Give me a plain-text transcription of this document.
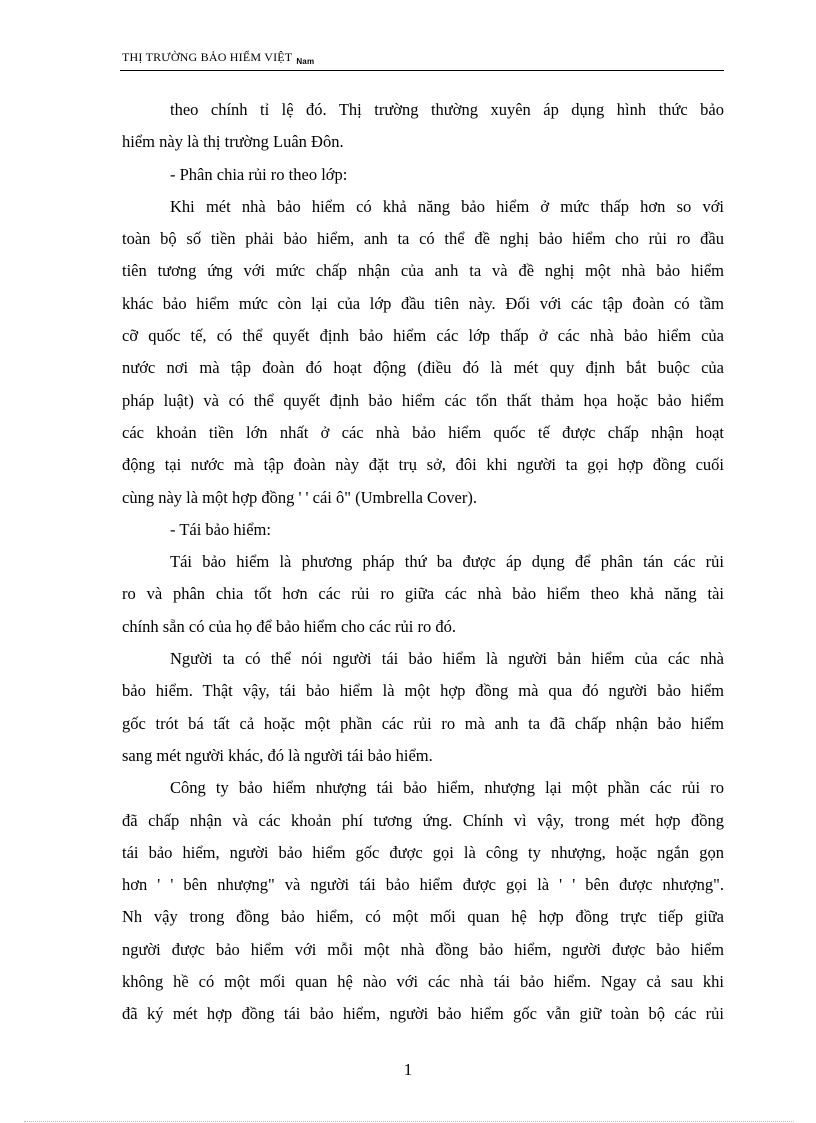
THỊ TRƯỜNG BẢO HIỂM VIỆT $_{Nam}$
theo chính tỉ lệ đó. Thị trường thường xuyên áp dụng hình thức bảo
hiểm này là thị trường Luân Đôn.
- Phân chia rủi ro theo lớp:
Khi mét nhà bảo hiểm có khả năng bảo hiểm ở mức thấp hơn so với
toàn bộ số tiền phải bảo hiểm, anh ta có thể đề nghị bảo hiểm cho rủi ro đầu
tiên tương ứng với mức chấp nhận của anh ta và đề nghị một nhà bảo hiểm
khác bảo hiểm mức còn lại của lớp đầu tiên này. Đối với các tập đoàn có tầm
cỡ quốc tế, có thể quyết định bảo hiểm các lớp thấp ở các nhà bảo hiểm của
nước nơi mà tập đoàn đó hoạt động (điều đó là mét quy định bắt buộc của
pháp luật) và có thể quyết định bảo hiểm các tổn thất thảm họa hoặc bảo hiểm
các khoản tiền lớn nhất ở các nhà bảo hiểm quốc tế được chấp nhận hoạt
động tại nước mà tập đoàn này đặt trụ sở, đôi khi người ta gọi hợp đồng cuối
cùng này là một hợp đồng ' ' cái ô" (Umbrella Cover).
- Tái bảo hiểm:
Tái bảo hiểm là phương pháp thứ ba được áp dụng để phân tán các rủi
ro và phân chia tốt hơn các rủi ro giữa các nhà bảo hiểm theo khả năng tài
chính sẵn có của họ để bảo hiểm cho các rủi ro đó.
Người ta có thể nói người tái bảo hiểm là người bản hiểm của các nhà
bảo hiểm. Thật vậy, tái bảo hiểm là một hợp đồng mà qua đó người bảo hiểm
gốc trót bá tất cả hoặc một phần các rủi ro mà anh ta đã chấp nhận bảo hiểm
sang mét người khác, đó là người tái bảo hiểm.
Công ty bảo hiểm nhượng tái bảo hiểm, nhượng lại một phần các rủi ro
đã chấp nhận và các khoản phí tương ứng. Chính vì vậy, trong mét hợp đồng
tái bảo hiểm, người bảo hiểm gốc được gọi là công ty nhượng, hoặc ngắn gọn
hơn ' ' bên nhượng" và người tái bảo hiểm được gọi là ' ' bên được nhượng".
Nh vậy trong đồng bảo hiểm, có một mối quan hệ hợp đồng trực tiếp giữa
người được bảo hiểm với mỗi một nhà đồng bảo hiểm, người được bảo hiểm
không hề có một mối quan hệ nào với các nhà tái bảo hiểm. Ngay cả sau khi
đã ký mét hợp đồng tái bảo hiểm, người bảo hiểm gốc vẫn giữ toàn bộ các rủi
1
